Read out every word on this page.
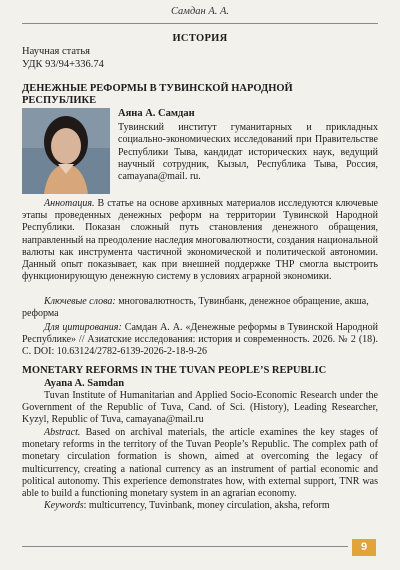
Самдан А. А.
ИСТОРИЯ
Научная статья
УДК 93/94+336.74
ДЕНЕЖНЫЕ РЕФОРМЫ В ТУВИНСКОЙ НАРОДНОЙ РЕСПУБЛИКЕ
Аяна А. Самдан
Тувинский институт гуманитарных и прикладных социально-экономических исследований при Правительстве Республики Тыва, кандидат исторических наук, ведущий научный сотрудник, Кызыл, Республика Тыва, Россия, camayana@mail. ru.
Аннотация. В статье на основе архивных материалов исследуются ключевые этапы проведенных денежных реформ на территории Тувинской Народной Республики. Показан сложный путь становления денежного обращения, направленный на преодоление наследия многовалютности, создания национальной валюты как инструмента частичной экономической и политической автономии. Данный опыт показывает, как при внешней поддержке ТНР смогла выстроить функционирующую денежную систему в условиях аграрной экономики.
Ключевые слова: многовалютность, Тувинбанк, денежное обращение, акша, реформа
Для цитирования: Самдан А. А. «Денежные реформы в Тувинской Народной Республике» // Азиатские исследования: история и современность. 2026. № 2 (18). С. DOI: 10.63124/2782-6139-2026-2-18-9-26
MONETARY REFORMS IN THE TUVAN PEOPLE’S REPUBLIC
Ayana A. Samdan
Tuvan Institute of Humanitarian and Applied Socio-Economic Research under the Government of the Republic of Tuva, Cand. of Sci. (History), Leading Researcher, Kyzyl, Republic of Tuva, camayana@mail.ru
Abstract. Based on archival materials, the article examines the key stages of monetary reforms in the territory of the Tuvan People’s Republic. The complex path of monetary circulation formation is shown, aimed at overcoming the legacy of multicurrency, creating a national currency as an instrument of partial economic and political autonomy. This experience demonstrates how, with external support, TNR was able to build a functioning monetary system in an agrarian economy.
Keywords: multicurrency, Tuvinbank, money circulation, aksha, reform
9
